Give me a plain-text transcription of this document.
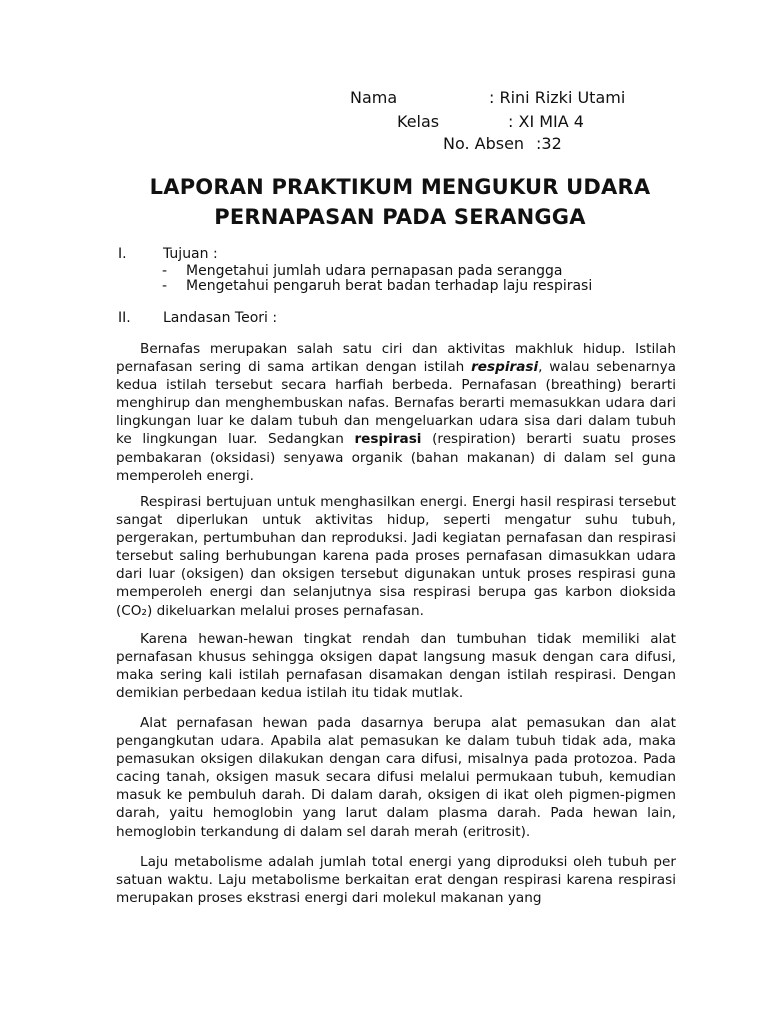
Nama	: Rini Rizki Utami
Kelas	: XI MIA 4
No. Absen :32
LAPORAN PRAKTIKUM MENGUKUR UDARA
PERNAPASAN PADA SERANGGA
I.	Tujuan :
- Mengetahui jumlah udara pernapasan pada serangga
- Mengetahui pengaruh berat badan terhadap laju respirasi
II. Landasan Teori :

Bernafas merupakan salah satu ciri dan aktivitas makhluk hidup. Istilah pernafasan sering di sama artikan dengan istilah respirasi, walau sebenarnya kedua istilah tersebut secara harfiah berbeda. Pernafasan (breathing) berarti menghirup dan menghembuskan nafas. Bernafas berarti memasukkan udara dari lingkungan luar ke dalam tubuh dan mengeluarkan udara sisa dari dalam tubuh ke lingkungan luar. Sedangkan respirasi (respiration) berarti suatu proses pembakaran (oksidasi) senyawa organik (bahan makanan) di dalam sel guna memperoleh energi.

Respirasi bertujuan untuk menghasilkan energi. Energi hasil respirasi tersebut sangat diperlukan untuk aktivitas hidup, seperti mengatur suhu tubuh, pergerakan, pertumbuhan dan reproduksi. Jadi kegiatan pernafasan dan respirasi tersebut saling berhubungan karena pada proses pernafasan dimasukkan udara dari luar (oksigen) dan oksigen tersebut digunakan untuk proses respirasi guna memperoleh energi dan selanjutnya sisa respirasi berupa gas karbon dioksida (CO₂) dikeluarkan melalui proses pernafasan.

Karena hewan-hewan tingkat rendah dan tumbuhan tidak memiliki alat pernafasan khusus sehingga oksigen dapat langsung masuk dengan cara difusi, maka sering kali istilah pernafasan disamakan dengan istilah respirasi. Dengan demikian perbedaan kedua istilah itu tidak mutlak.

Alat pernafasan hewan pada dasarnya berupa alat pemasukan dan alat pengangkutan udara. Apabila alat pemasukan ke dalam tubuh tidak ada, maka pemasukan oksigen dilakukan dengan cara difusi, misalnya pada protozoa. Pada cacing tanah, oksigen masuk secara difusi melalui permukaan tubuh, kemudian masuk ke pembuluh darah. Di dalam darah, oksigen di ikat oleh pigmen-pigmen darah, yaitu hemoglobin yang larut dalam plasma darah. Pada hewan lain, hemoglobin terkandung di dalam sel darah merah (eritrosit).

Laju metabolisme adalah jumlah total energi yang diproduksi oleh tubuh per satuan waktu. Laju metabolisme berkaitan erat dengan respirasi karena respirasi merupakan proses ekstrasi energi dari molekul makanan yang
